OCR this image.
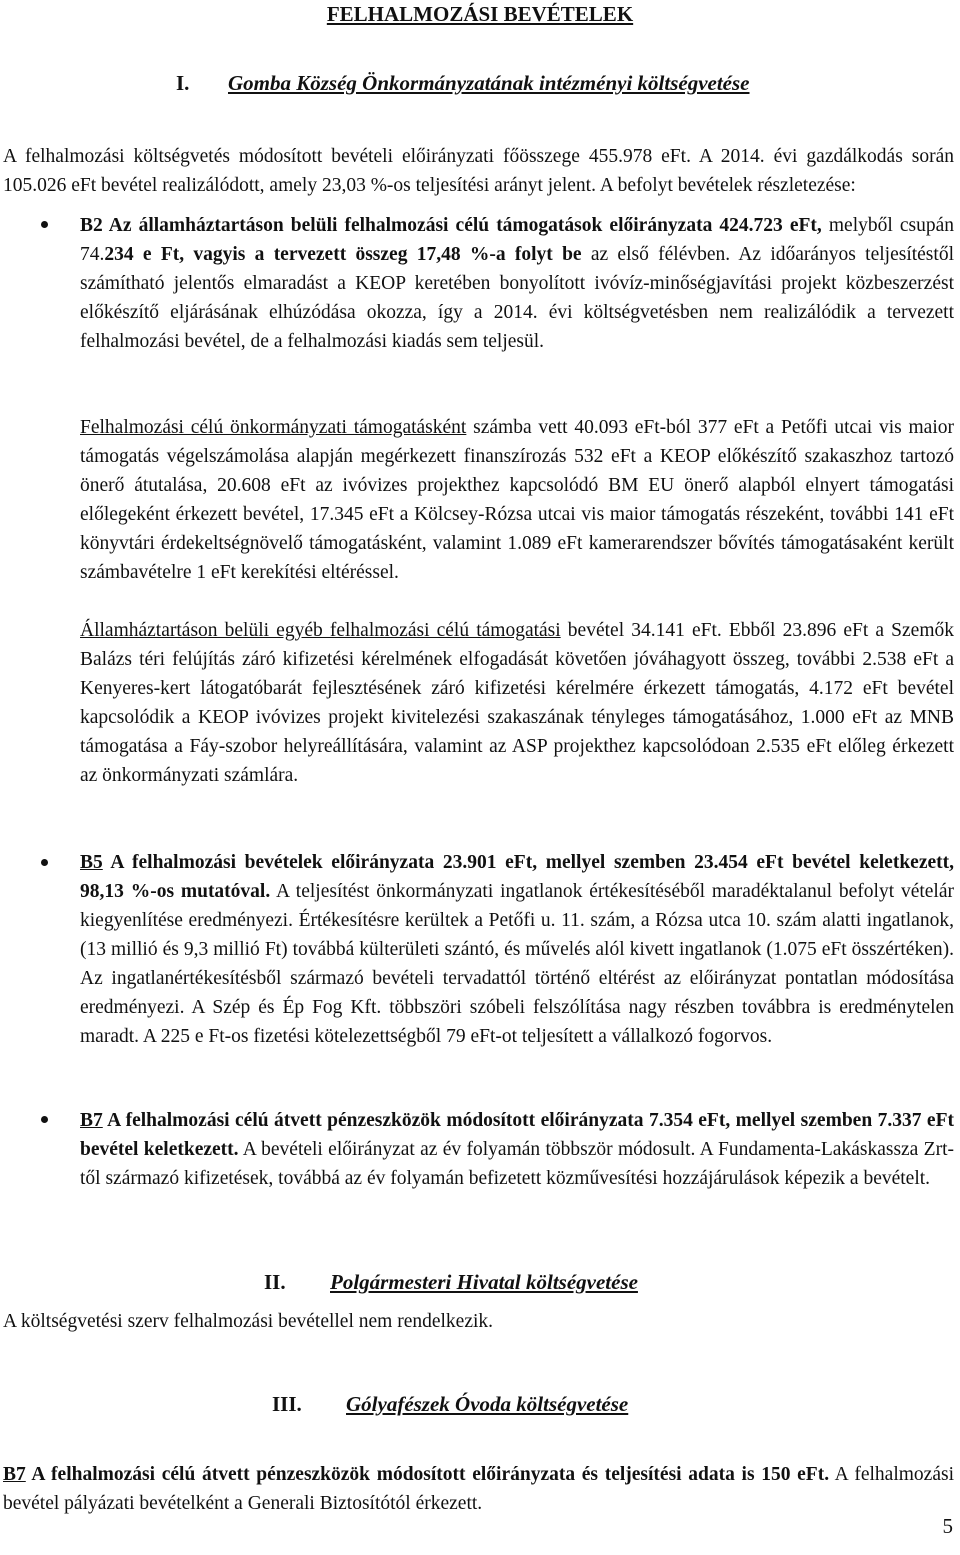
FELHALMOZÁSI BEVÉTELEK
I. Gomba Község Önkormányzatának intézményi költségvetése

A felhalmozási költségvetés módosított bevételi előirányzati főösszege 455.978 eFt. A 2014. évi gazdálkodás során 105.026 eFt bevétel realizálódott, amely 23,03 %-os teljesítési arányt jelent. A befolyt bevételek részletezése:

B2 Az államháztartáson belüli felhalmozási célú támogatások előirányzata 424.723 eFt, melyből csupán 74.234 e Ft, vagyis a tervezett összeg 17,48 %-a folyt be az első félévben. Az időarányos teljesítéstől számítható jelentős elmaradást a KEOP keretében bonyolított ivóvíz-minőségjavítási projekt közbeszerzést előkészítő eljárásának elhúzódása okozza, így a 2014. évi költségvetésben nem realizálódik a tervezett felhalmozási bevétel, de a felhalmozási kiadás sem teljesül.

Felhalmozási célú önkormányzati támogatásként számba vett 40.093 eFt-ból 377 eFt a Petőfi utcai vis maior támogatás végelszámolása alapján megérkezett finanszírozás 532 eFt a KEOP előkészítő szakaszhoz tartozó önerő átutalása, 20.608 eFt az ivóvizes projekthez kapcsolódó BM EU önerő alapból elnyert támogatási előlegeként érkezett bevétel, 17.345 eFt a Kölcsey-Rózsa utcai vis maior támogatás részeként, további 141 eFt könyvtári érdekeltségnövelő támogatásként, valamint 1.089 eFt kamerarendszer bővítés támogatásaként került számbavételre 1 eFt kerekítési eltéréssel.

Államháztartáson belüli egyéb felhalmozási célú támogatási bevétel 34.141 eFt. Ebből 23.896 eFt a Szemők Balázs téri felújítás záró kifizetési kérelmének elfogadását követően jóváhagyott összeg, további 2.538 eFt a Kenyeres-kert látogatóbarát fejlesztésének záró kifizetési kérelmére érkezett támogatás, 4.172 eFt bevétel kapcsolódik a KEOP ivóvizes projekt kivitelezési szakaszának tényleges támogatásához, 1.000 eFt az MNB támogatása a Fáy-szobor helyreállítására, valamint az ASP projekthez kapcsolódoan 2.535 eFt előleg érkezett az önkormányzati számlára.

B5 A felhalmozási bevételek előirányzata 23.901 eFt, mellyel szemben 23.454 eFt bevétel keletkezett, 98,13 %-os mutatóval. A teljesítést önkormányzati ingatlanok értékesítéséből maradéktalanul befolyt vételár kiegyenlítése eredményezi. Értékesítésre kerültek a Petőfi u. 11. szám, a Rózsa utca 10. szám alatti ingatlanok, (13 millió és 9,3 millió Ft) továbbá külterületi szántó, és művelés alól kivett ingatlanok (1.075 eFt összértéken). Az ingatlanértékesítésből származó bevételi tervadattól történő eltérést az előirányzat pontatlan módosítása eredményezi. A Szép és Ép Fog Kft. többszöri szóbeli felszólítása nagy részben továbbra is eredménytelen maradt. A 225 e Ft-os fizetési kötelezettségből 79 eFt-ot teljesített a vállalkozó fogorvos.

B7 A felhalmozási célú átvett pénzeszközök módosított előirányzata 7.354 eFt, mellyel szemben 7.337 eFt bevétel keletkezett. A bevételi előirányzat az év folyamán többször módosult. A Fundamenta-Lakáskassza Zrt-től származó kifizetések, továbbá az év folyamán befizetett közművesítési hozzájárulások képezik a bevételt.

II. Polgármesteri Hivatal költségvetése

A költségvetési szerv felhalmozási bevétellel nem rendelkezik.

III. Gólyafészek Óvoda költségvetése

B7 A felhalmozási célú átvett pénzeszközök módosított előirányzata és teljesítési adata is 150 eFt. A felhalmozási bevétel pályázati bevételként a Generali Biztosítótól érkezett.

5
